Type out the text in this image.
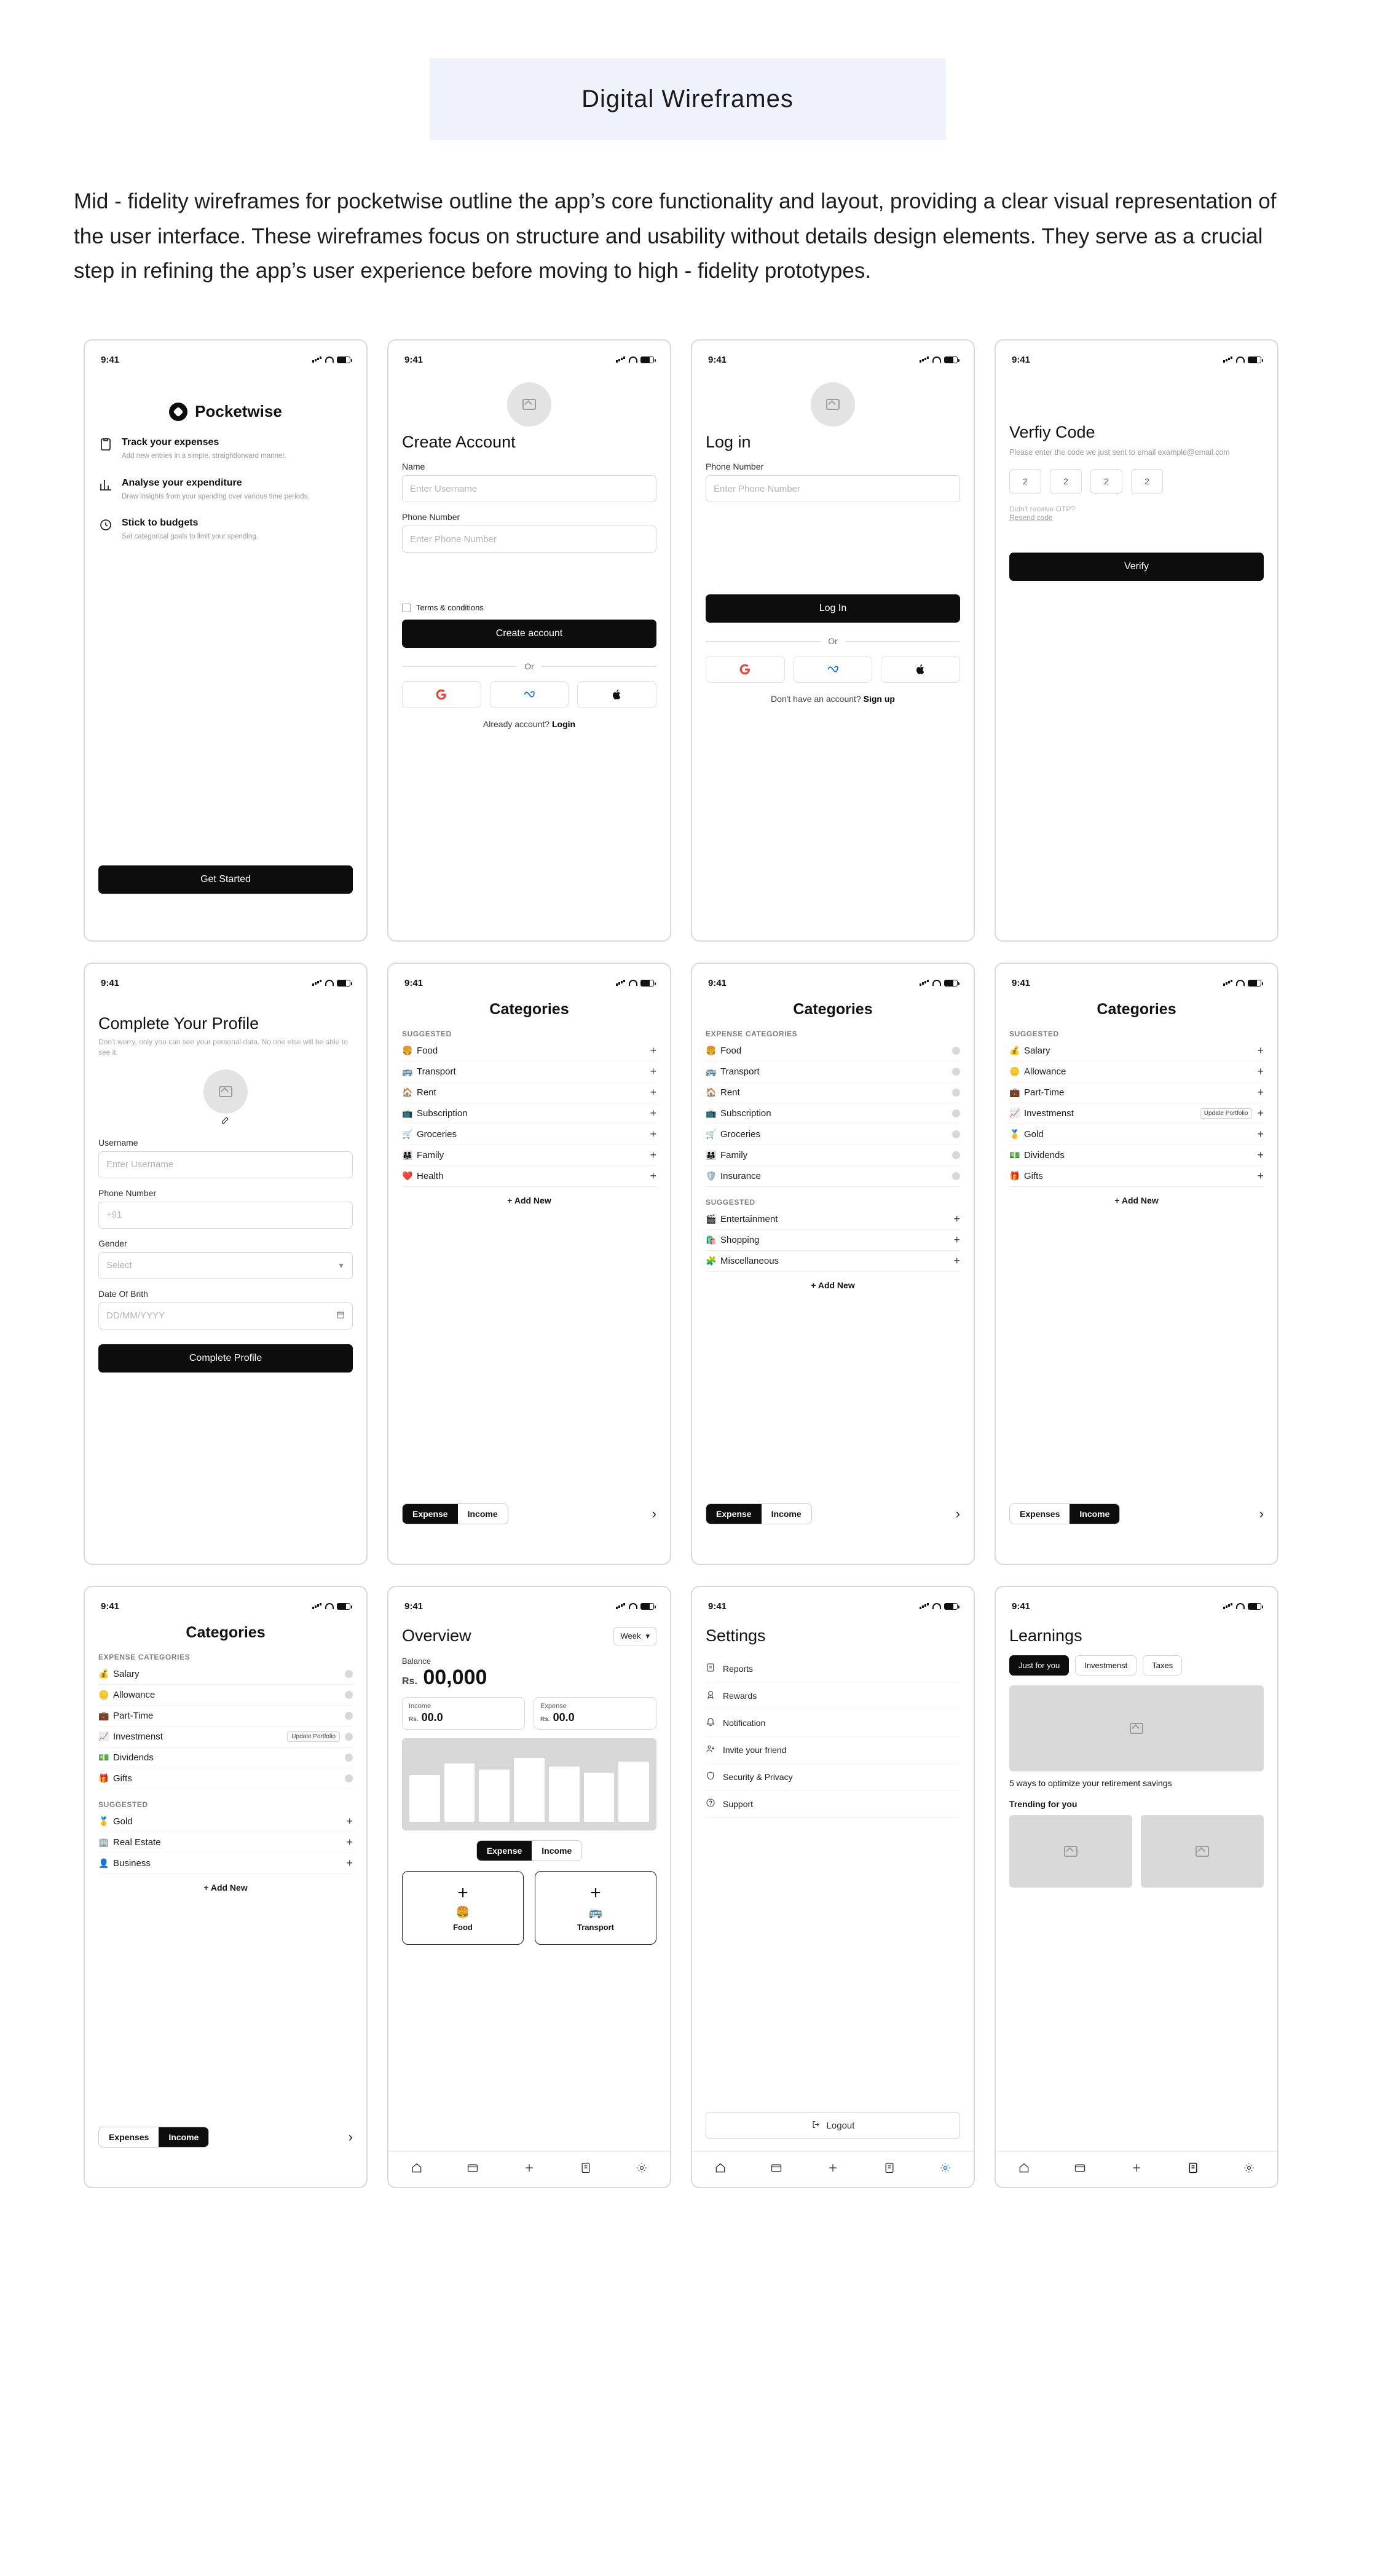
Digital Wireframes

Mid - fidelity wireframes for pocketwise outline the app’s core functionality and layout, providing a clear visual representation of the user interface. These wireframes focus on structure and usability without details design elements. They serve as a crucial step in refining the app’s user experience before moving to high - fidelity prototypes.

9:41
Pocketwise
Track your expenses

Add new entries in a simple, straightforward manner.

Analyse your expenditure

Draw insights from your spending over various time periods.

Stick to budgets

Set categorical goals to limit your spending.

Get Started
9:41
Create Account
Name
Enter Username
Phone Number
Enter Phone Number
Terms & conditions
Create account
Or
Already account? Login
9:41
Log in
Phone Number
Enter Phone Number
Log In
Or
Don't have an account? Sign up
9:41
Verfiy Code
Please enter the code we just sent to email example@email.com
2	2	2	2
Didn't receive OTP?
Resend code
Verify
9:41
Complete Your Profile
Don't worry, only you can see your personal data. No one else will be able to see it.
Username
Enter Username
Phone Number
+91
Gender
Select	▼
Date Of Brith
DD/MM/YYYY
Complete Profile
9:41
Categories
SUGGESTED
🍔 Food	+
🚌 Transport	+
🏠 Rent	+
📺 Subscription	+
🛒 Groceries	+
👨‍👩‍👧 Family	+
❤️ Health	+
+ Add New
Expense	Income	›
9:41
Categories
EXPENSE CATEGORIES
🍔 Food
🚌 Transport
🏠 Rent
📺 Subscription
🛒 Groceries
👨‍👩‍👧 Family
🛡️ Insurance
SUGGESTED
🎬 Entertainment	+
🛍️ Shopping	+
🧩 Miscellaneous	+
+ Add New
Expense	Income	›
9:41
Categories
SUGGESTED
💰 Salary	+
🪙 Allowance	+
💼 Part-Time	+
📈 Investmenst	Update Portfolio +
🥇 Gold	+
💵 Dividends	+
🎁 Gifts	+
+ Add New
Expenses	Income	›
9:41
Categories
EXPENSE CATEGORIES
💰 Salary
🪙 Allowance
💼 Part-Time
📈 Investmenst	Update Portfolio
💵 Dividends
🎁 Gifts
SUGGESTED
🥇 Gold	+
🏢 Real Estate	+
👤 Business	+
+ Add New
Expenses	Income	›
9:41
Overview	Week ▾
Balance
Rs. 00,000
Income
Rs. 00.0
Expense
Rs. 00.0
Expense	Income
+
🍔
Food
+
🚌
Transport
9:41
Settings
Reports
Rewards
Notification
Invite your friend
Security & Privacy
Support
Logout
9:41
Learnings
Just for you	Investmenst	Taxes
5 ways to optimize your retirement savings
Trending for you
